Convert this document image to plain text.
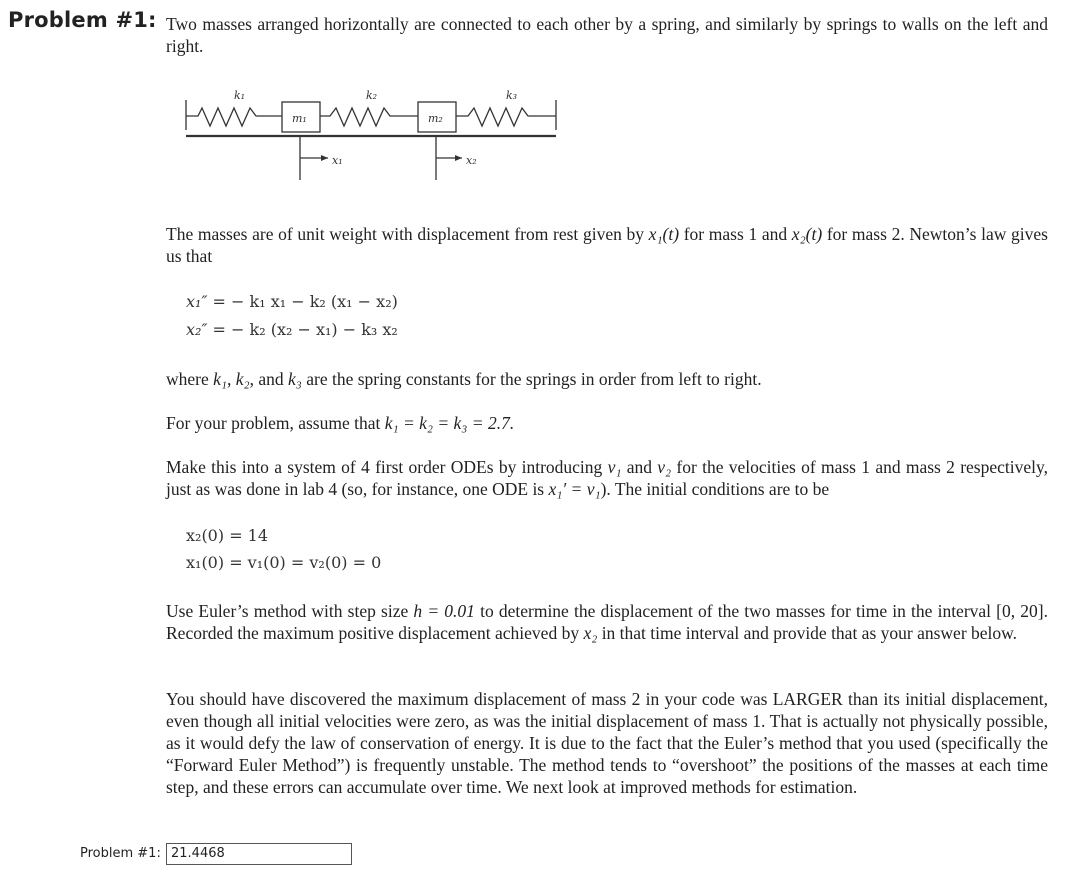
Problem #1: Two masses arranged horizontally are connected to each other by a spring, and similarly by springs to walls on the left and right.
k₁	k₂	k₃
m₁	m₂
x₁	x₂

The masses are of unit weight with displacement from rest given by x₁(t) for mass 1 and x₂(t) for mass 2. Newton’s law gives us that

x₁″ = − k₁ x₁ − k₂ (x₁ − x₂)
x₂″ = − k₂ (x₂ − x₁) − k₃ x₂

where k₁, k₂, and k₃ are the spring constants for the springs in order from left to right.

For your problem, assume that k₁ = k₂ = k₃ = 2.7.

Make this into a system of 4 first order ODEs by introducing v₁ and v₂ for the velocities of mass 1 and mass 2 respectively, just as was done in lab 4 (so, for instance, one ODE is x₁′ = v₁). The initial conditions are to be

x₂(0) = 14
x₁(0) = v₁(0) = v₂(0) = 0

Use Euler’s method with step size h = 0.01 to determine the displacement of the two masses for time in the interval [0, 20]. Recorded the maximum positive displacement achieved by x₂ in that time interval and provide that as your answer below.

You should have discovered the maximum displacement of mass 2 in your code was LARGER than its initial displacement, even though all initial velocities were zero, as was the initial displacement of mass 1. That is actually not physically possible, as it would defy the law of conservation of energy. It is due to the fact that the Euler’s method that you used (specifically the “Forward Euler Method”) is frequently unstable. The method tends to “overshoot” the positions of the masses at each time step, and these errors can accumulate over time. We next look at improved methods for estimation.

Problem #1: 21.4468
